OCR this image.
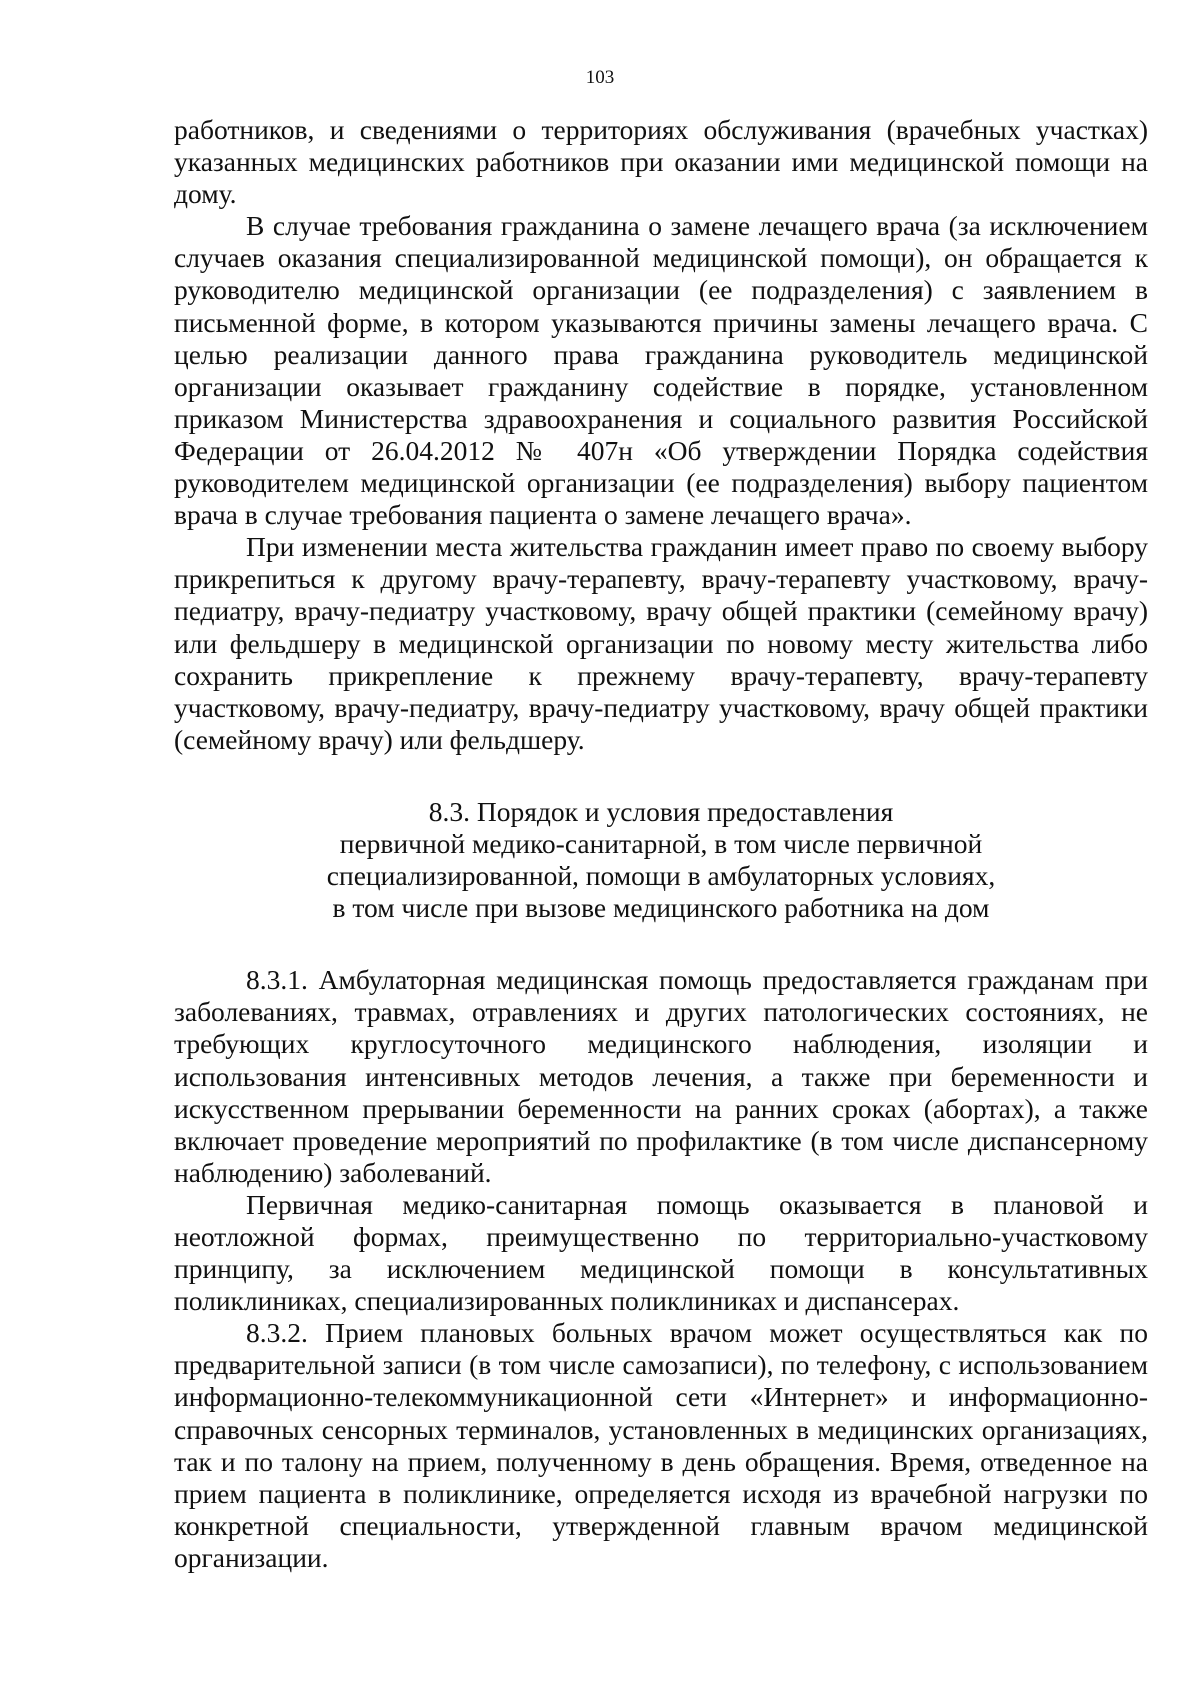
103

работников, и сведениями о территориях обслуживания (врачебных участках) указанных медицинских работников при оказании ими медицинской помощи на дому.

В случае требования гражданина о замене лечащего врача (за исключением случаев оказания специализированной медицинской помощи), он обращается к руководителю медицинской организации (ее подразделения) с заявлением в письменной форме, в котором указываются причины замены лечащего врача. С целью реализации данного права гражданина руководитель медицинской организации оказывает гражданину содействие в порядке, установленном приказом Министерства здравоохранения и социального развития Российской Федерации от 26.04.2012 № 407н «Об утверждении Порядка содействия руководителем медицинской организации (ее подразделения) выбору пациентом врача в случае требования пациента о замене лечащего врача».

При изменении места жительства гражданин имеет право по своему выбору прикрепиться к другому врачу-терапевту, врачу-терапевту участковому, врачу-педиатру, врачу-педиатру участковому, врачу общей практики (семейному врачу) или фельдшеру в медицинской организации по новому месту жительства либо сохранить прикрепление к прежнему врачу-терапевту, врачу-терапевту участковому, врачу-педиатру, врачу-педиатру участковому, врачу общей практики (семейному врачу) или фельдшеру.

8.3. Порядок и условия предоставления
первичной медико-санитарной, в том числе первичной
специализированной, помощи в амбулаторных условиях,
в том числе при вызове медицинского работника на дом

8.3.1. Амбулаторная медицинская помощь предоставляется гражданам при заболеваниях, травмах, отравлениях и других патологических состояниях, не требующих круглосуточного медицинского наблюдения, изоляции и использования интенсивных методов лечения, а также при беременности и искусственном прерывании беременности на ранних сроках (абортах), а также включает проведение мероприятий по профилактике (в том числе диспансерному наблюдению) заболеваний.

Первичная медико-санитарная помощь оказывается в плановой и неотложной формах, преимущественно по территориально-участковому принципу, за исключением медицинской помощи в консультативных поликлиниках, специализированных поликлиниках и диспансерах.

8.3.2. Прием плановых больных врачом может осуществляться как по предварительной записи (в том числе самозаписи), по телефону, с использованием информационно-телекоммуникационной сети «Интернет» и информационно-справочных сенсорных терминалов, установленных в медицинских организациях, так и по талону на прием, полученному в день обращения. Время, отведенное на прием пациента в поликлинике, определяется исходя из врачебной нагрузки по конкретной специальности, утвержденной главным врачом медицинской организации.
